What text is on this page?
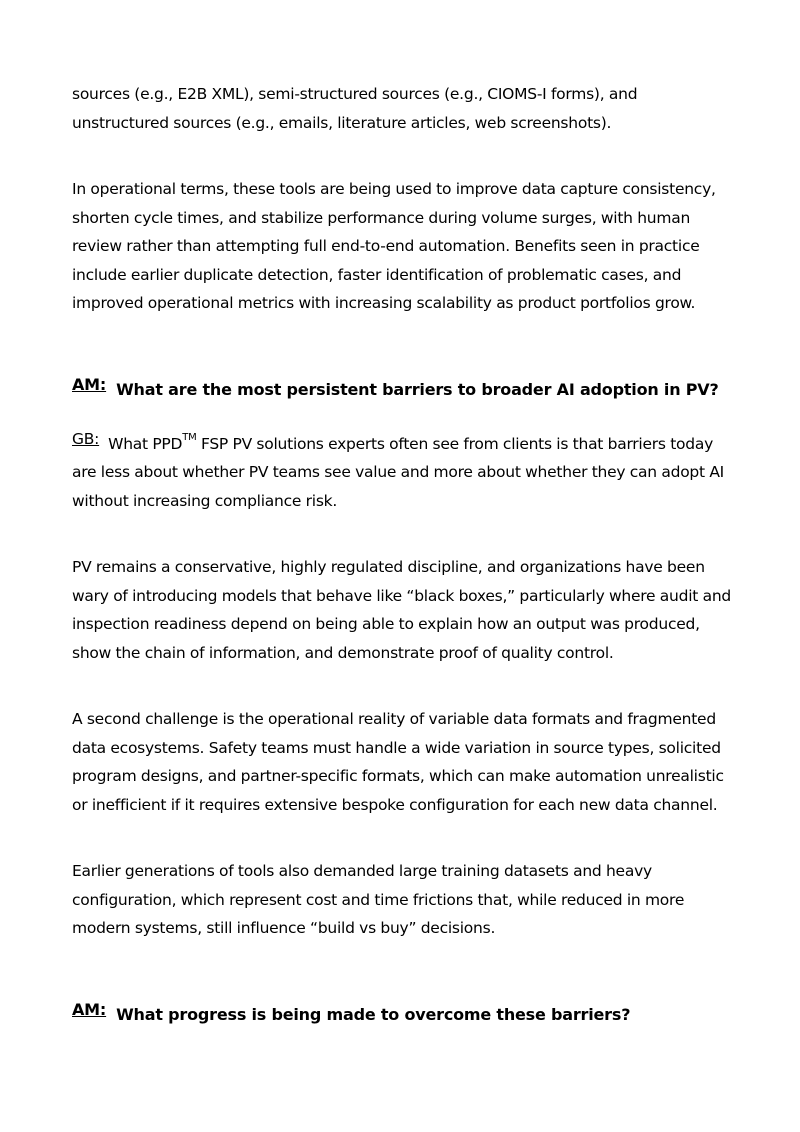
sources (e.g., E2B XML), semi-structured sources (e.g., CIOMS-I forms), and unstructured sources (e.g., emails, literature articles, web screenshots).

In operational terms, these tools are being used to improve data capture consistency, shorten cycle times, and stabilize performance during volume surges, with human review rather than attempting full end-to-end automation. Benefits seen in practice include earlier duplicate detection, faster identification of problematic cases, and improved operational metrics with increasing scalability as product portfolios grow.

AM: What are the most persistent barriers to broader AI adoption in PV?

GB: What PPD™ FSP PV solutions experts often see from clients is that barriers today are less about whether PV teams see value and more about whether they can adopt AI without increasing compliance risk.

PV remains a conservative, highly regulated discipline, and organizations have been wary of introducing models that behave like “black boxes,” particularly where audit and inspection readiness depend on being able to explain how an output was produced, show the chain of information, and demonstrate proof of quality control.

A second challenge is the operational reality of variable data formats and fragmented data ecosystems. Safety teams must handle a wide variation in source types, solicited program designs, and partner-specific formats, which can make automation unrealistic or inefficient if it requires extensive bespoke configuration for each new data channel.

Earlier generations of tools also demanded large training datasets and heavy configuration, which represent cost and time frictions that, while reduced in more modern systems, still influence “build vs buy” decisions.

AM: What progress is being made to overcome these barriers?
